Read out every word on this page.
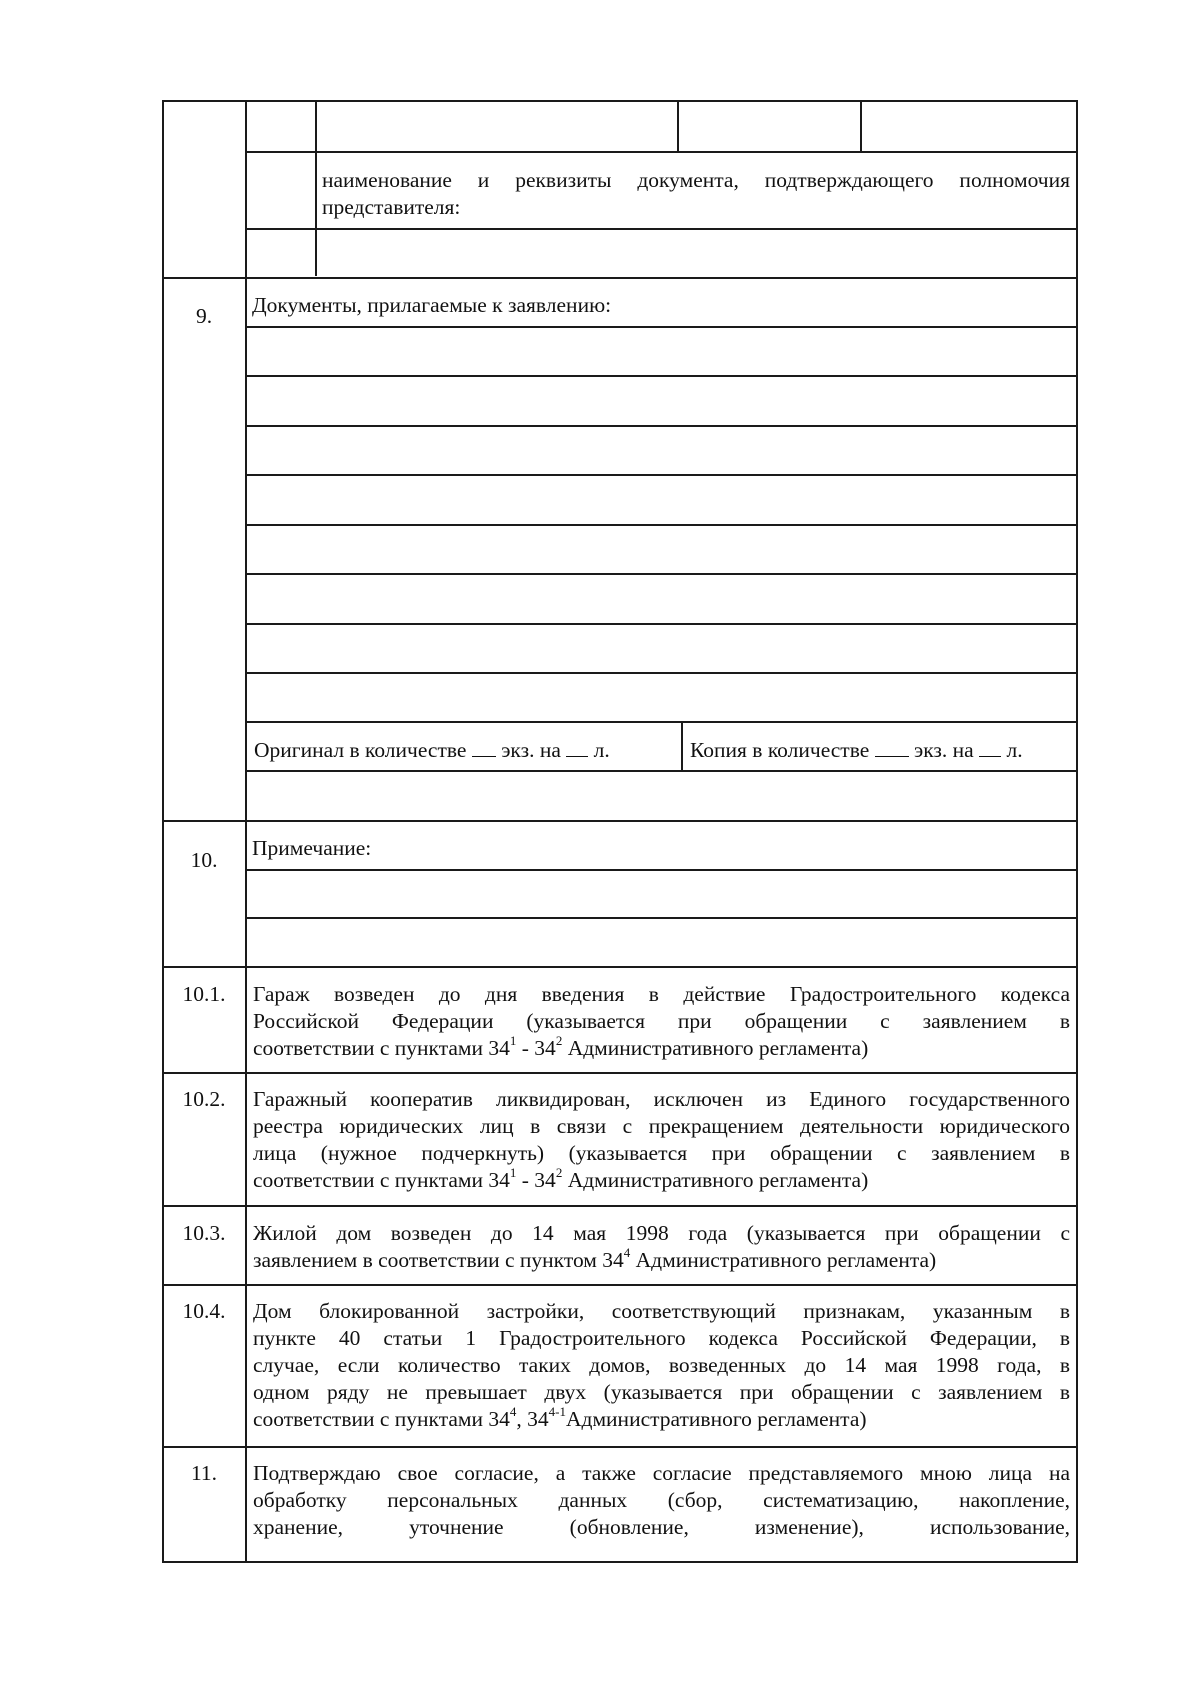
наименование и реквизиты документа, подтверждающего полномочия
представителя:
9.	Документы, прилагаемые к заявлению:
Оригинал в количестве экз. на л.	Копия в количестве экз. на л.
10.	Примечание:
10.1.	Гараж возведен до дня введения в действие Градостроительного кодекса
Российской Федерации (указывается при обращении с заявлением в
соответствии с пунктами $34^1 - 34^2$ Административного регламента)
10.2.	Гаражный кооператив ликвидирован, исключен из Единого государственного
реестра юридических лиц в связи с прекращением деятельности юридического
лица (нужное подчеркнуть) (указывается при обращении с заявлением в
соответствии с пунктами $34^1 - 34^2$ Административного регламента)
10.3.	Жилой дом возведен до 14 мая 1998 года (указывается при обращении с
заявлением в соответствии с пунктом $34^4$ Административного регламента)
10.4.	Дом блокированной застройки, соответствующий признакам, указанным в
пункте 40 статьи 1 Градостроительного кодекса Российской Федерации, в
случае, если количество таких домов, возведенных до 14 мая 1998 года, в
одном ряду не превышает двух (указывается при обращении с заявлением в
соответствии с пунктами $34^4$, 34$^{4-1}$Административного регламента)
11.	Подтверждаю свое согласие, а также согласие представляемого мною лица на
обработку персональных данных (сбор, систематизацию, накопление,
хранение, уточнение (обновление, изменение), использование,
